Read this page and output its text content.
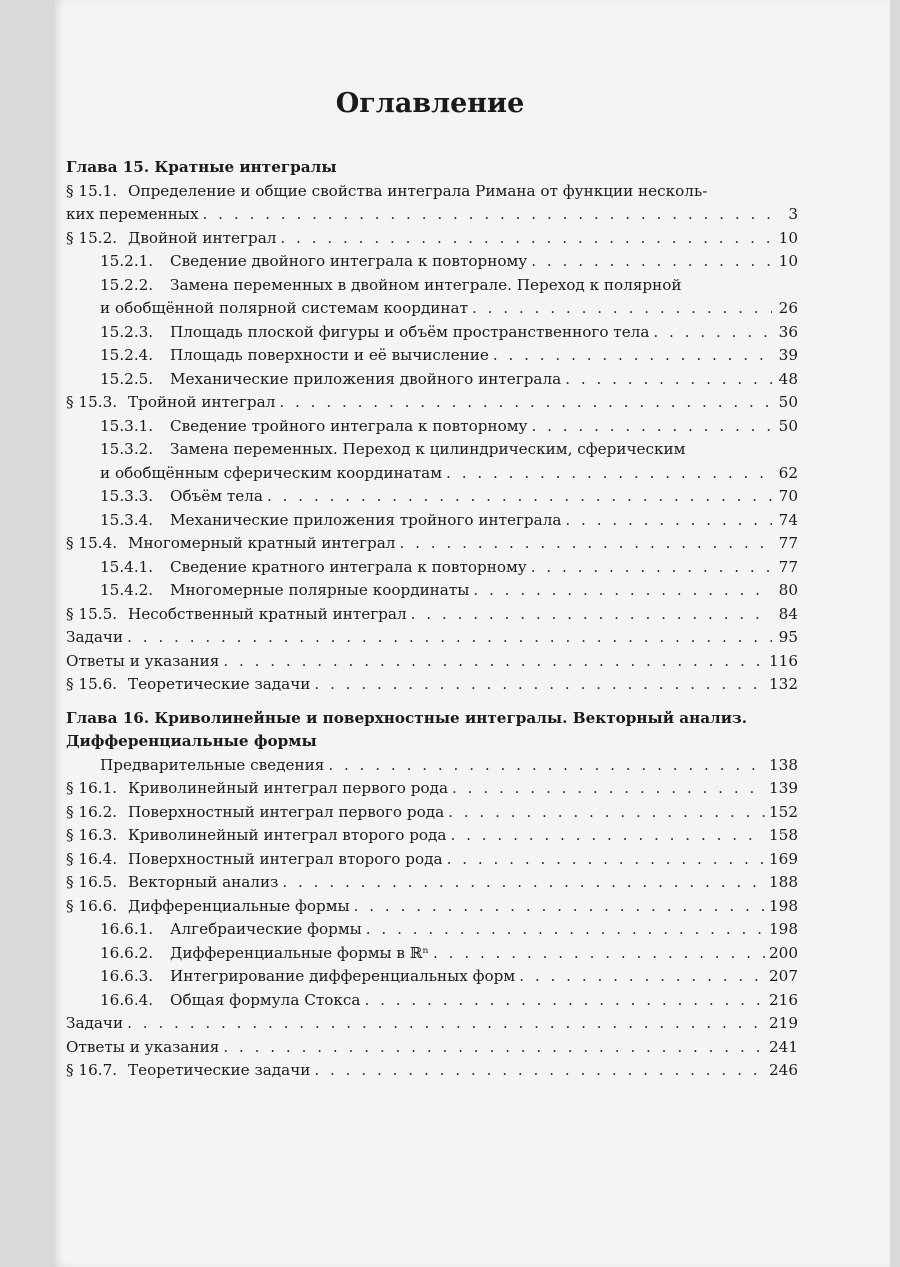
Оглавление
Глава 15. Кратные интегралы
§ 15.1. Определение и общие свойства интеграла Римана от функции несколь-
ких переменных . . .	3
§ 15.2. Двойной интеграл . . .	10
15.2.1.	Сведение двойного интеграла к повторному . . .	10
15.2.2.	Замена переменных в двойном интеграле. Переход к полярной
и обобщённой полярной системам координат . . .	26
15.2.3.	Площадь плоской фигуры и объём пространственного тела . . .	36
15.2.4.	Площадь поверхности и её вычисление . . .	39
15.2.5.	Механические приложения двойного интеграла . . .	48
§ 15.3. Тройной интеграл . . .	50
15.3.1.	Сведение тройного интеграла к повторному . . .	50
15.3.2.	Замена переменных. Переход к цилиндрическим, сферическим
и обобщённым сферическим координатам . . .	62
15.3.3.	Объём тела . . .	70
15.3.4.	Механические приложения тройного интеграла . . .	74
§ 15.4. Многомерный кратный интеграл . . .	77
15.4.1.	Сведение кратного интеграла к повторному . . .	77
15.4.2.	Многомерные полярные координаты . . .	80
§ 15.5. Несобственный кратный интеграл . . .	84
Задачи . . .	95
Ответы и указания . . .	116
§ 15.6. Теоретические задачи . . .	132
Глава 16. Криволинейные и поверхностные интегралы. Векторный анализ.
Дифференциальные формы
Предварительные сведения . . .	138
§ 16.1. Криволинейный интеграл первого рода . . .	139
§ 16.2. Поверхностный интеграл первого рода . . .	152
§ 16.3. Криволинейный интеграл второго рода . . .	158
§ 16.4. Поверхностный интеграл второго рода . . .	169
§ 16.5. Векторный анализ . . .	188
§ 16.6. Дифференциальные формы . . .	198
16.6.1.	Алгебраические формы . . .	198
16.6.2.	Дифференциальные формы в ℝⁿ . . .	200
16.6.3.	Интегрирование дифференциальных форм . . .	207
16.6.4.	Общая формула Стокса . . .	216
Задачи . . .	219
Ответы и указания . . .	241
§ 16.7. Теоретические задачи . . .	246
